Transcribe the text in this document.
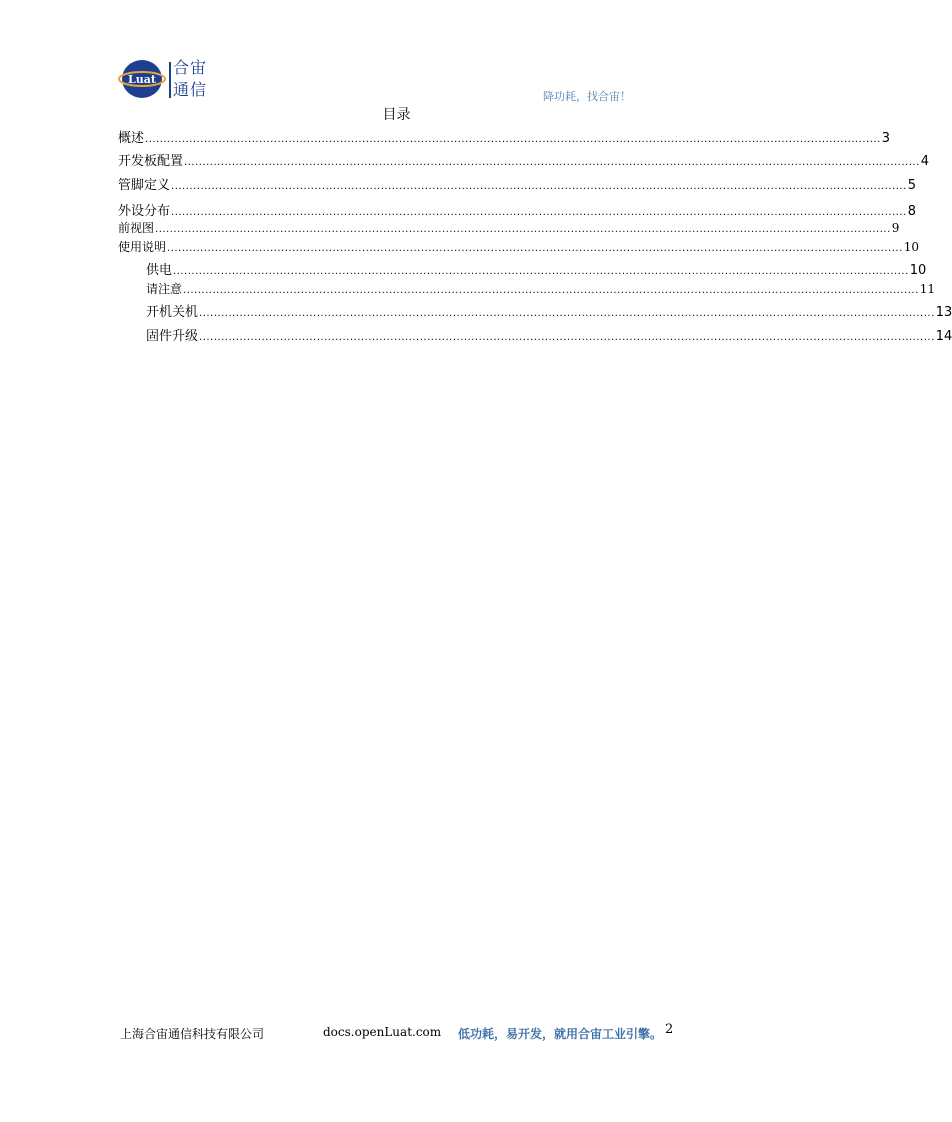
Luat
合宙
通信	降功耗，找合宙！
目录
概述 ........................................................................................................................................................................................................ 3
开发板配置 ........................................................................................................................................................................................................ 4
管脚定义 ........................................................................................................................................................................................................ 5
外设分布 ........................................................................................................................................................................................................ 8
前视图 ........................................................................................................................................................................................................ 9
使用说明 ........................................................................................................................................................................................................ 10
供电 ........................................................................................................................................................................................................ 10
请注意 ........................................................................................................................................................................................................ 11
开机关机 ........................................................................................................................................................................................................ 13
固件升级 ........................................................................................................................................................................................................ 14
上海合宙通信科技有限公司	docs.openLuat.com 低功耗，易开发，就用合宙工业引擎。 2
